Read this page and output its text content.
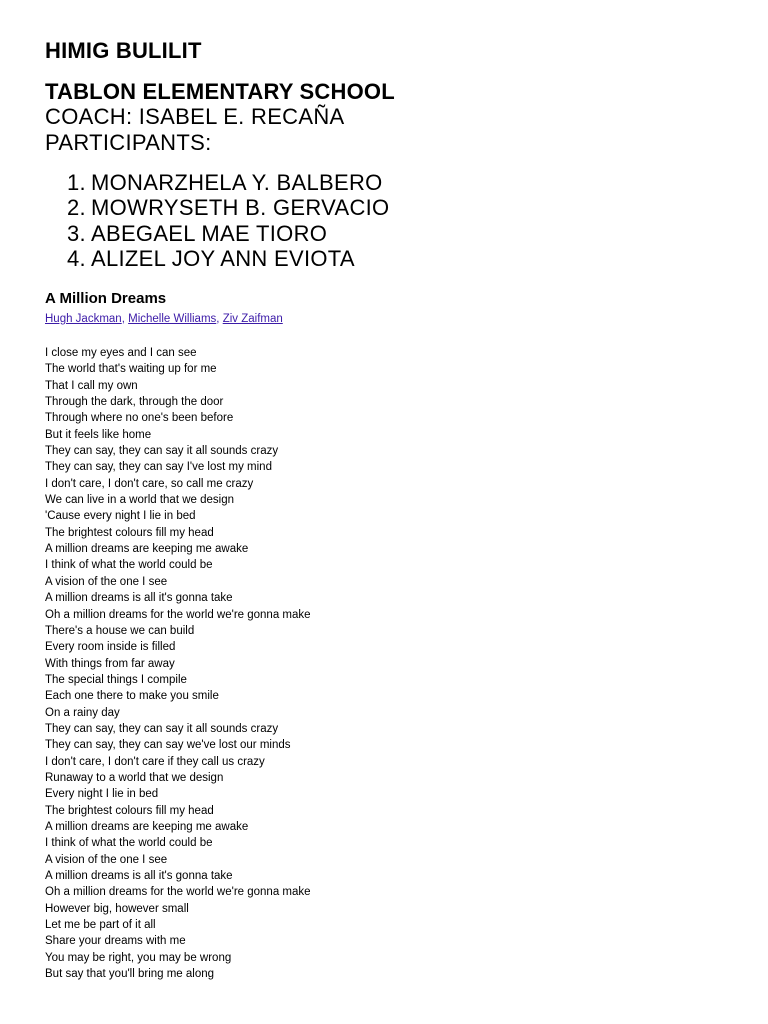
HIMIG BULILIT
TABLON ELEMENTARY SCHOOL
COACH: ISABEL E. RECAÑA
PARTICIPANTS:
1. MONARZHELA Y. BALBERO
2. MOWRYSETH B. GERVACIO
3. ABEGAEL MAE TIORO
4. ALIZEL JOY ANN EVIOTA
A Million Dreams
Hugh Jackman, Michelle Williams, Ziv Zaifman
I close my eyes and I can see
The world that's waiting up for me
That I call my own
Through the dark, through the door
Through where no one's been before
But it feels like home
They can say, they can say it all sounds crazy
They can say, they can say I've lost my mind
I don't care, I don't care, so call me crazy
We can live in a world that we design
'Cause every night I lie in bed
The brightest colours fill my head
A million dreams are keeping me awake
I think of what the world could be
A vision of the one I see
A million dreams is all it's gonna take
Oh a million dreams for the world we're gonna make
There's a house we can build
Every room inside is filled
With things from far away
The special things I compile
Each one there to make you smile
On a rainy day
They can say, they can say it all sounds crazy
They can say, they can say we've lost our minds
I don't care, I don't care if they call us crazy
Runaway to a world that we design
Every night I lie in bed
The brightest colours fill my head
A million dreams are keeping me awake
I think of what the world could be
A vision of the one I see
A million dreams is all it's gonna take
Oh a million dreams for the world we're gonna make
However big, however small
Let me be part of it all
Share your dreams with me
You may be right, you may be wrong
But say that you'll bring me along
